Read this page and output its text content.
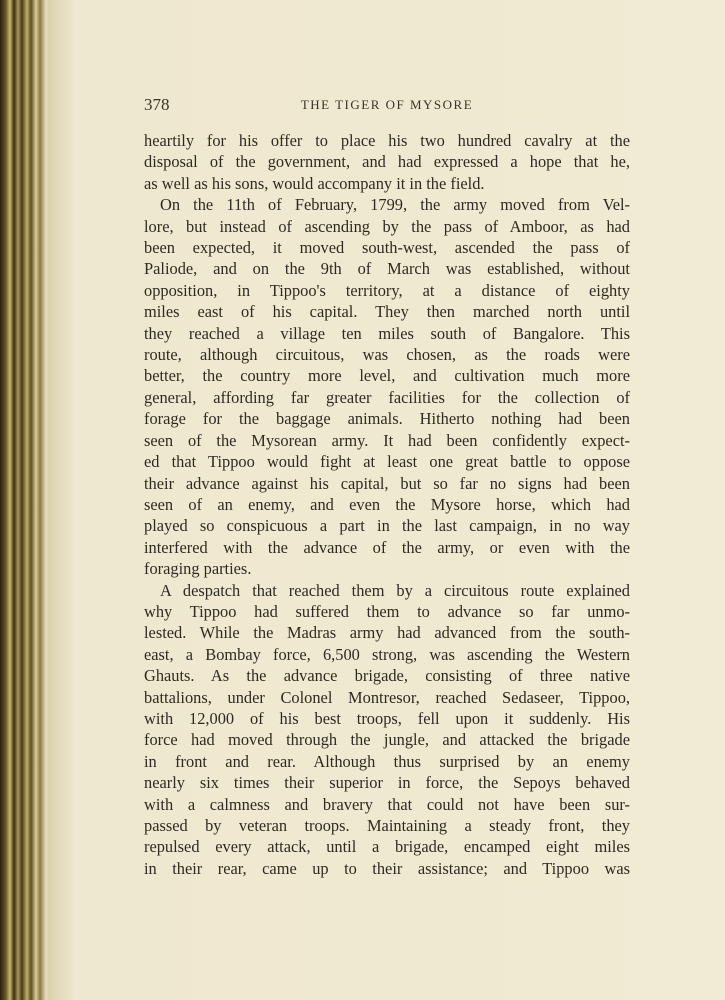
378	THE TIGER OF MYSORE

heartily for his offer to place his two hundred cavalry at the
disposal of the government, and had expressed a hope that he,
as well as his sons, would accompany it in the field.

On the 11th of February, 1799, the army moved from Vel-
lore, but instead of ascending by the pass of Amboor, as had
been expected, it moved south-west, ascended the pass of
Paliode, and on the 9th of March was established, without
opposition, in Tippoo's territory, at a distance of eighty
miles east of his capital. They then marched north until
they reached a village ten miles south of Bangalore. This
route, although circuitous, was chosen, as the roads were
better, the country more level, and cultivation much more
general, affording far greater facilities for the collection of
forage for the baggage animals. Hitherto nothing had been
seen of the Mysorean army. It had been confidently expect-
ed that Tippoo would fight at least one great battle to oppose
their advance against his capital, but so far no signs had been
seen of an enemy, and even the Mysore horse, which had
played so conspicuous a part in the last campaign, in no way
interfered with the advance of the army, or even with the
foraging parties.

A despatch that reached them by a circuitous route explained
why Tippoo had suffered them to advance so far unmo-
lested. While the Madras army had advanced from the south-
east, a Bombay force, 6,500 strong, was ascending the Western
Ghauts. As the advance brigade, consisting of three native
battalions, under Colonel Montresor, reached Sedaseer, Tippoo,
with 12,000 of his best troops, fell upon it suddenly. His
force had moved through the jungle, and attacked the brigade
in front and rear. Although thus surprised by an enemy
nearly six times their superior in force, the Sepoys behaved
with a calmness and bravery that could not have been sur-
passed by veteran troops. Maintaining a steady front, they
repulsed every attack, until a brigade, encamped eight miles
in their rear, came up to their assistance; and Tippoo was
